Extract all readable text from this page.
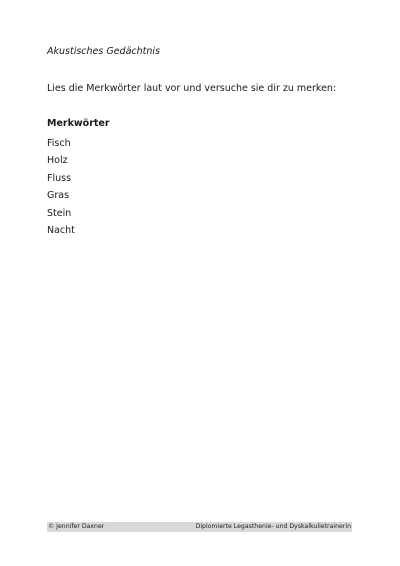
Akustisches Gedächtnis

Lies die Merkwörter laut vor und versuche sie dir zu merken:

Merkwörter

Fisch
Holz
Fluss
Gras
Stein
Nacht
© Jennifer Daxner	Diplomierte Legasthenie- und Dyskalkulietrainerin
